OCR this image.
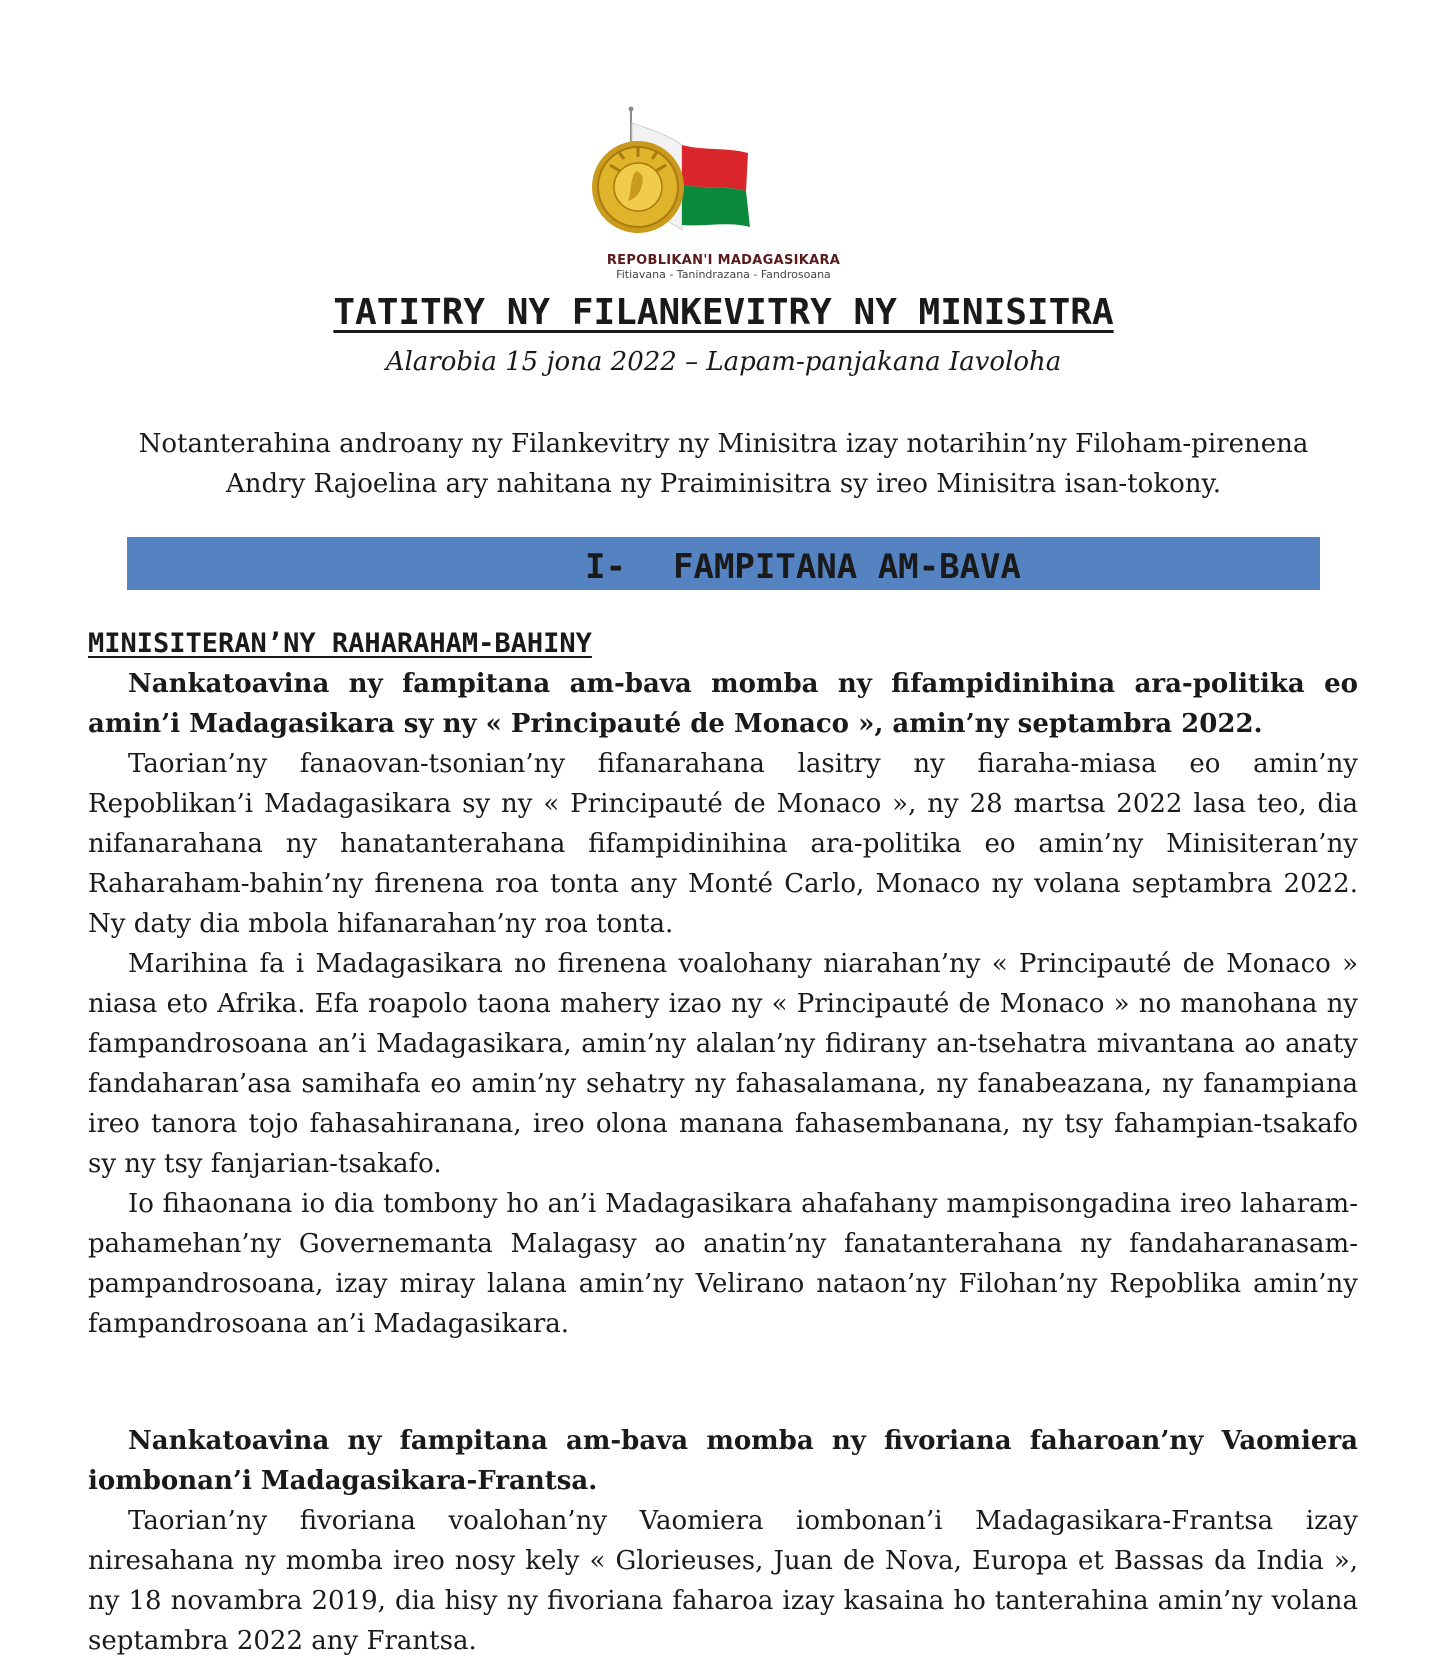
REPOBLIKAN'I MADAGASIKARA
Fitiavana - Tanindrazana - Fandrosoana
TATITRY NY FILANKEVITRY NY MINISITRA
Alarobia 15 jona 2022 – Lapam-panjakana Iavoloha
Notanterahina androany ny Filankevitry ny Minisitra izay notarihin’ny Filoham-pirenena Andry Rajoelina ary nahitana ny Praiminisitra sy ireo Minisitra isan-tokony.
I- FAMPITANA AM-BAVA
MINISITERAN’NY RAHARAHAM-BAHINY
Nankatoavina ny fampitana am-bava momba ny fifampidinihina ara-politika eo amin’i Madagasikara sy ny « Principauté de Monaco », amin’ny septambra 2022.
Taorian’ny fanaovan-tsonian’ny fifanarahana lasitry ny fiaraha-miasa eo amin’ny Repoblikan’i Madagasikara sy ny « Principauté de Monaco », ny 28 martsa 2022 lasa teo, dia nifanarahana ny hanatanterahana fifampidinihina ara-politika eo amin’ny Minisiteran’ny Raharaham-bahin’ny firenena roa tonta any Monté Carlo, Monaco ny volana septambra 2022. Ny daty dia mbola hifanarahan’ny roa tonta.
Marihina fa i Madagasikara no firenena voalohany niarahan’ny « Principauté de Monaco » niasa eto Afrika. Efa roapolo taona mahery izao ny « Principauté de Monaco » no manohana ny fampandrosoana an’i Madagasikara, amin’ny alalan’ny fidirany an-tsehatra mivantana ao anaty fandaharan’asa samihafa eo amin’ny sehatry ny fahasalamana, ny fanabeazana, ny fanampiana ireo tanora tojo fahasahiranana, ireo olona manana fahasembanana, ny tsy fahampian-tsakafo sy ny tsy fanjarian-tsakafo.
Io fihaonana io dia tombony ho an’i Madagasikara ahafahany mampisongadina ireo laharam-pahamehan’ny Governemanta Malagasy ao anatin’ny fanatanterahana ny fandaharanasam-pampandrosoana, izay miray lalana amin’ny Velirano nataon’ny Filohan’ny Repoblika amin’ny fampandrosoana an’i Madagasikara.
Nankatoavina ny fampitana am-bava momba ny fivoriana faharoan’ny Vaomiera iombonan’i Madagasikara-Frantsa.
Taorian’ny fivoriana voalohan’ny Vaomiera iombonan’i Madagasikara-Frantsa izay niresahana ny momba ireo nosy kely « Glorieuses, Juan de Nova, Europa et Bassas da India », ny 18 novambra 2019, dia hisy ny fivoriana faharoa izay kasaina ho tanterahina amin’ny volana septambra 2022 any Frantsa.
